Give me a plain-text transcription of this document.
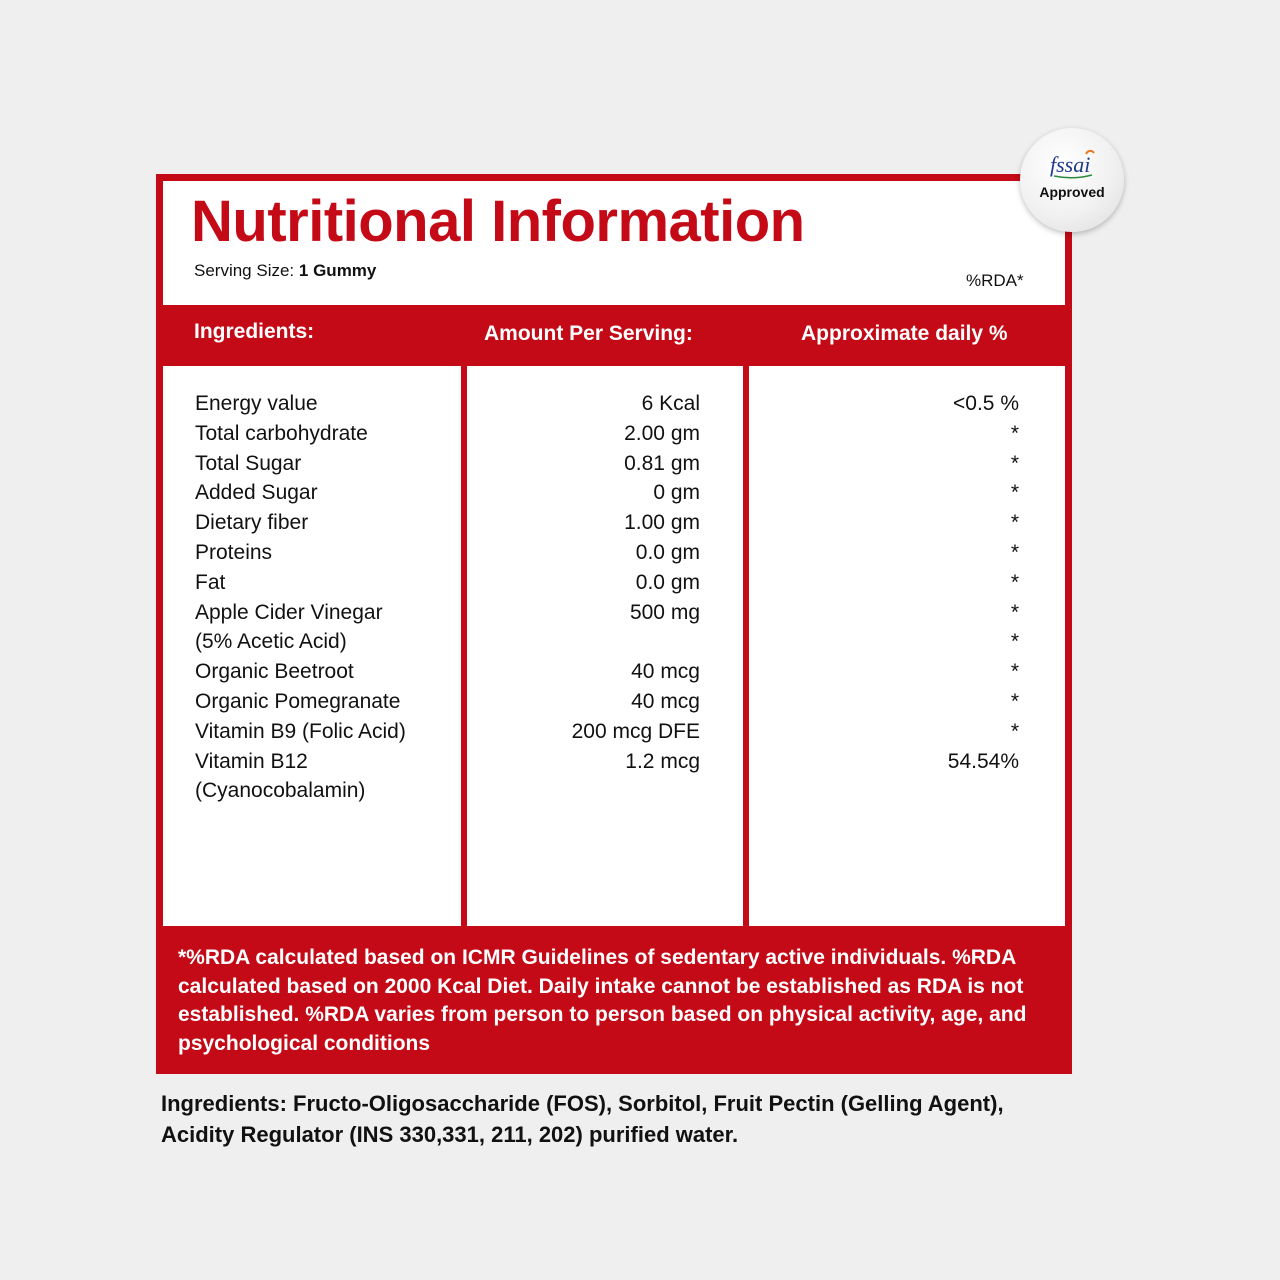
Nutritional Information
Serving Size: 1 Gummy
%RDA*
Ingredients:	Amount Per Serving:	Approximate daily %
Energy value
Total carbohydrate
Total Sugar
Added Sugar
Dietary fiber
Proteins
Fat
Apple Cider Vinegar
(5% Acetic Acid)
Organic Beetroot
Organic Pomegranate
Vitamin B9 (Folic Acid)
Vitamin B12
(Cyanocobalamin)
6 Kcal
2.00 gm
0.81 gm
0 gm
1.00 gm
0.0 gm
0.0 gm
500 mg
40 mcg
40 mcg
200 mcg DFE
1.2 mcg
<0.5 %
*
*
*
*
*
*
*
*
*
*
*
54.54%

*%RDA calculated based on ICMR Guidelines of sedentary active individuals. %RDA calculated based on 2000 Kcal Diet. Daily intake cannot be established as RDA is not established. %RDA varies from person to person based on physical activity, age, and psychological conditions

Ingredients: Fructo-Oligosaccharide (FOS), Sorbitol, Fruit Pectin (Gelling Agent), Acidity Regulator (INS 330,331, 211, 202) purified water.

fssai
Approved
